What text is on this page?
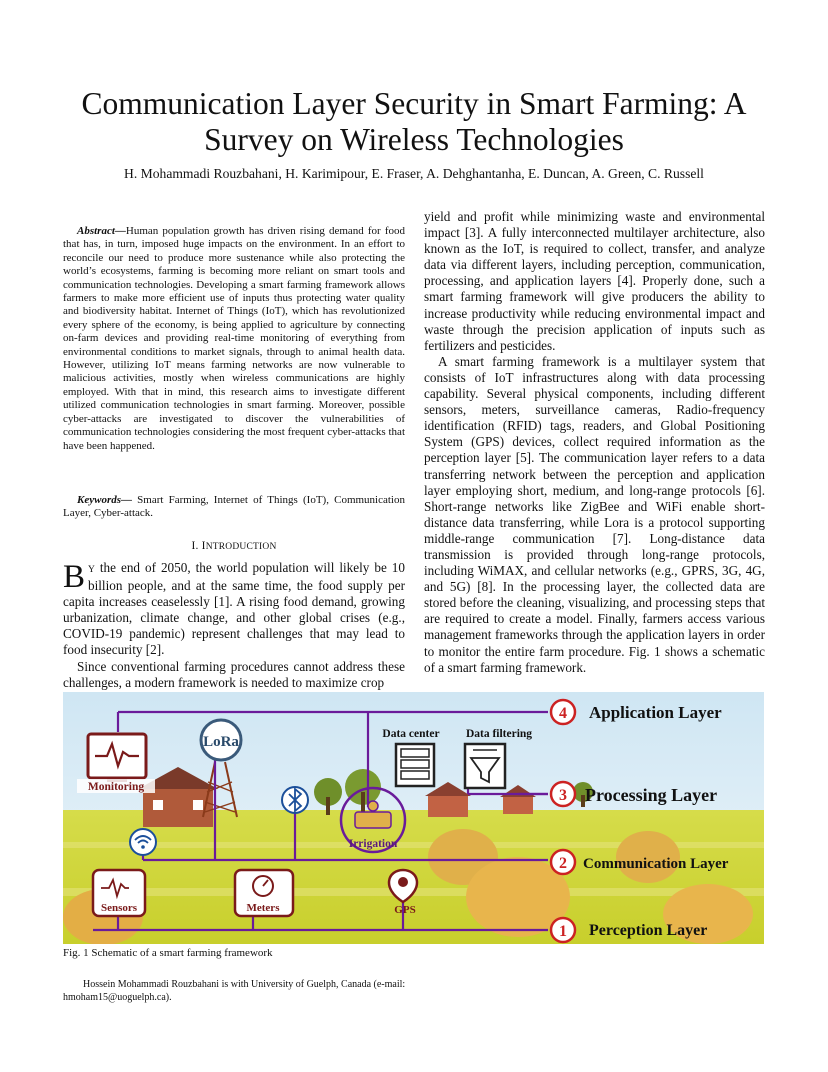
Communication Layer Security in Smart Farming: A Survey on Wireless Technologies
H. Mohammadi Rouzbahani, H. Karimipour, E. Fraser, A. Dehghantanha, E. Duncan, A. Green, C. Russell
Abstract—Human population growth has driven rising demand for food that has, in turn, imposed huge impacts on the environment. In an effort to reconcile our need to produce more sustenance while also protecting the world’s ecosystems, farming is becoming more reliant on smart tools and communication technologies. Developing a smart farming framework allows farmers to make more efficient use of inputs thus protecting water quality and biodiversity habitat. Internet of Things (IoT), which has revolutionized every sphere of the economy, is being applied to agriculture by connecting on-farm devices and providing real-time monitoring of everything from environmental conditions to market signals, through to animal health data. However, utilizing IoT means farming networks are now vulnerable to malicious activities, mostly when wireless communications are highly employed. With that in mind, this research aims to investigate different utilized communication technologies in smart farming. Moreover, possible cyber-attacks are investigated to discover the vulnerabilities of communication technologies considering the most frequent cyber-attacks that have been happened.
Keywords— Smart Farming, Internet of Things (IoT), Communication Layer, Cyber-attack.
I. INTRODUCTION

B Y the end of 2050, the world population will likely be 10 billion people, and at the same time, the food supply per capita increases ceaselessly [1]. A rising food demand, growing urbanization, climate change, and other global crises (e.g., COVID-19 pandemic) represent challenges that may lead to food insecurity [2].

Since conventional farming procedures cannot address these challenges, a modern framework is needed to maximize crop

yield and profit while minimizing waste and environmental impact [3]. A fully interconnected multilayer architecture, also known as the IoT, is required to collect, transfer, and analyze data via different layers, including perception, communication, processing, and application layers [4]. Properly done, such a smart farming framework will give producers the ability to increase productivity while reducing environmental impact and waste through the precision application of inputs such as fertilizers and pesticides.

A smart farming framework is a multilayer system that consists of IoT infrastructures along with data processing capability. Several physical components, including different sensors, meters, surveillance cameras, Radio-frequency identification (RFID) tags, readers, and Global Positioning System (GPS) devices, collect required information as the perception layer [5]. The communication layer refers to a data transferring network between the perception and application layer employing short, medium, and long-range protocols [6]. Short-range networks like ZigBee and WiFi enable short-distance data transferring, while Lora is a protocol supporting middle-range communication [7]. Long-distance data transmission is provided through long-range protocols, including WiMAX, and cellular networks (e.g., GPRS, 3G, 4G, and 5G) [8]. In the processing layer, the collected data are stored before the cleaning, visualizing, and processing steps that are required to create a model. Finally, farmers access various management frameworks through the application layers in order to monitor the entire farm procedure. Fig. 1 shows a schematic of a smart farming framework.

Monitoring
LoRa
Irrigation
Data center Data filtering
Sensors	Meters	GPS
4 Application Layer
3 Processing Layer
2 Communication Layer
1 Perception Layer
Fig. 1 Schematic of a smart farming framework
Hossein Mohammadi Rouzbahani is with University of Guelph, Canada (e-mail: hmoham15@uoguelph.ca).
